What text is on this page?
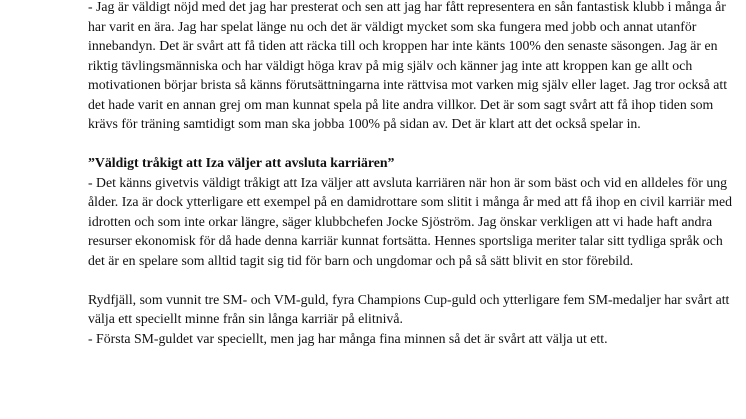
- Jag är väldigt nöjd med det jag har presterat och sen att jag har fått representera en sån fantastisk klubb i många år har varit en ära. Jag har spelat länge nu och det är väldigt mycket som ska fungera med jobb och annat utanför innebandyn. Det är svårt att få tiden att räcka till och kroppen har inte känts 100% den senaste säsongen. Jag är en riktig tävlingsmänniska och har väldigt höga krav på mig själv och känner jag inte att kroppen kan ge allt och motivationen börjar brista så känns förutsättningarna inte rättvisa mot varken mig själv eller laget. Jag tror också att det hade varit en annan grej om man kunnat spela på lite andra villkor. Det är som sagt svårt att få ihop tiden som krävs för träning samtidigt som man ska jobba 100% på sidan av. Det är klart att det också spelar in.

”Väldigt tråkigt att Iza väljer att avsluta karriären”

- Det känns givetvis väldigt tråkigt att Iza väljer att avsluta karriären när hon är som bäst och vid en alldeles för ung ålder. Iza är dock ytterligare ett exempel på en damidrottare som slitit i många år med att få ihop en civil karriär med idrotten och som inte orkar längre, säger klubbchefen Jocke Sjöström. Jag önskar verkligen att vi hade haft andra resurser ekonomisk för då hade denna karriär kunnat fortsätta. Hennes sportsliga meriter talar sitt tydliga språk och det är en spelare som alltid tagit sig tid för barn och ungdomar och på så sätt blivit en stor förebild.

Rydfjäll, som vunnit tre SM- och VM-guld, fyra Champions Cup-guld och ytterligare fem SM-medaljer har svårt att välja ett speciellt minne från sin långa karriär på elitnivå.

- Första SM-guldet var speciellt, men jag har många fina minnen så det är svårt att välja ut ett.
